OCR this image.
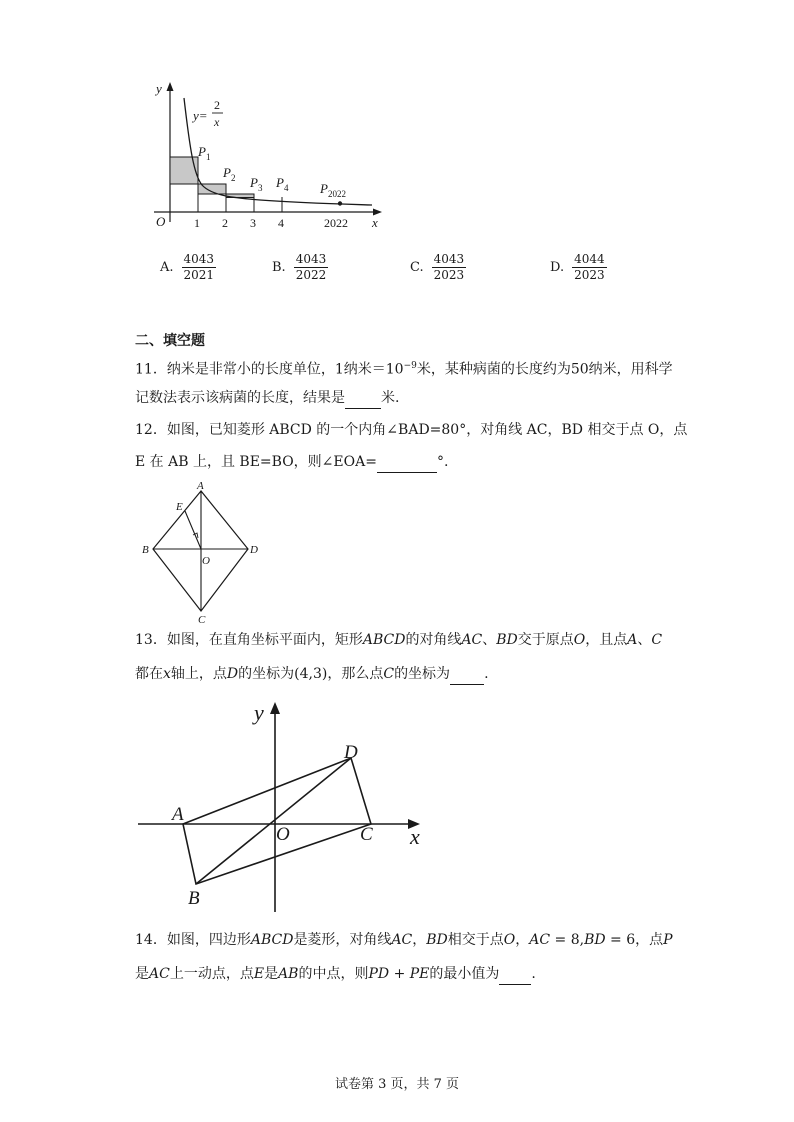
y
x
O
y=
2
x
$P_1$
$P_2$ $P_3$ $P_4$ $P_{2022}$
1 2 3 4	2022
A. $\frac{4043}{2021}$	B. $\frac{4043}{2022}$	C. $\frac{4043}{2023}$	D. $\frac{4044}{2023}$
二、填空题
11．纳米是非常小的长度单位，1纳米$=10^{-9}$米，某种病菌的长度约为50纳米，用科学
记数法表示该病菌的长度，结果是	米.
12．如图，已知菱形 ABCD 的一个内角∠BAD=80°，对角线 AC，BD 相交于点 O，点
E 在 AB 上，且 BE=BO，则∠EOA=	°.
A
E
B	D
O
C
13．如图，在直角坐标平面内，矩形ABCD的对角线AC、BD交于原点O，且点A、C
都在x轴上，点D的坐标为(4,3)，那么点C的坐标为 .
y
x
A
B
C
D
O
14．如图，四边形ABCD是菱形，对角线AC，BD相交于点O，AC = 8,BD = 6，点P
是AC上一动点，点E是AB的中点，则PD + PE的最小值为 .
试卷第 3 页，共 7 页
